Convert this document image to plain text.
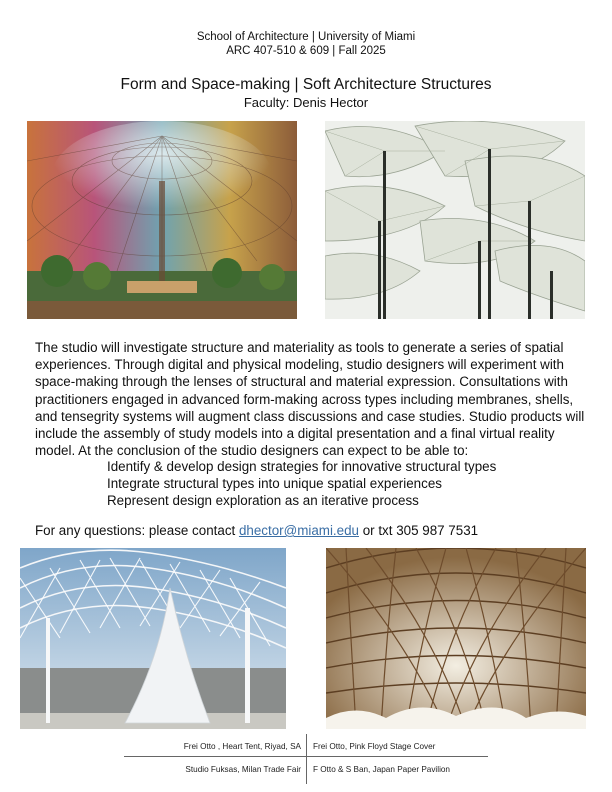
School of Architecture | University of Miami
ARC 407-510 & 609 | Fall 2025
Form and Space-making | Soft Architecture Structures
Faculty: Denis Hector

The studio will investigate structure and materiality as tools to generate a series of spatial experiences. Through digital and physical modeling, studio designers will experiment with space-making through the lenses of structural and material expression. Consultations with practitioners engaged in advanced form-making across types including membranes, shells, and tensegrity systems will augment class discussions and case studies. Studio products will include the assembly of study models into a digital presentation and a final virtual reality model. At the conclusion of the studio designers can expect to be able to:

Identify & develop design strategies for innovative structural types
Integrate structural types into unique spatial experiences
Represent design exploration as an iterative process
For any questions: please contact dhector@miami.edu or txt 305 987 7531
Frei Otto , Heart Tent, Riyad, SA Frei Otto, Pink Floyd Stage Cover
Studio Fuksas, Milan Trade Fair F Otto & S Ban, Japan Paper Pavilion
